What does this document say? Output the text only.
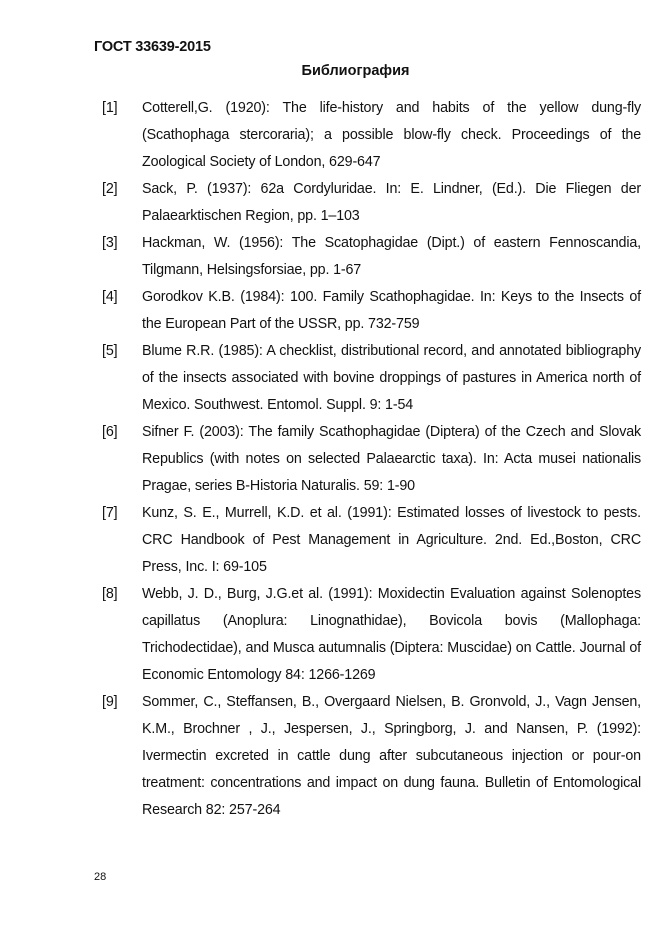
ГОСТ 33639-2015
Библиография
[1]	Cotterell,G. (1920): The life-history and habits of the yellow dung-fly (Scathophaga stercoraria); a possible blow-fly check. Proceedings of the Zoological Society of London, 629-647
[2]	Sack, P. (1937): 62a Cordyluridae. In: E. Lindner, (Ed.). Die Fliegen der Palaearktischen Region, pp. 1–103
[3]	Hackman, W. (1956): The Scatophagidae (Dipt.) of eastern Fennoscandia, Tilgmann, Helsingsforsiae, pp. 1-67
[4]	Gorodkov K.B. (1984): 100. Family Scathophagidae. In: Keys to the Insects of the European Part of the USSR, pp. 732-759
[5]	Blume R.R. (1985): A checklist, distributional record, and annotated bibliography of the insects associated with bovine droppings of pastures in America north of Mexico. Southwest. Entomol. Suppl. 9: 1-54
[6]	Sifner F. (2003): The family Scathophagidae (Diptera) of the Czech and Slovak Republics (with notes on selected Palaearctic taxa). In: Acta musei nationalis Pragae, series B-Historia Naturalis. 59: 1-90
[7]	Kunz, S. E., Murrell, K.D. et al. (1991): Estimated losses of livestock to pests. CRC Handbook of Pest Management in Agriculture. 2nd. Ed.,Boston, CRC Press, Inc. I: 69-105
[8]	Webb, J. D., Burg, J.G.et al. (1991): Moxidectin Evaluation against Solenoptes capillatus (Anoplura: Linognathidae), Bovicola bovis (Mallophaga: Trichodectidae), and Musca autumnalis (Diptera: Muscidae) on Cattle. Journal of Economic Entomology 84: 1266-1269
[9]	Sommer, C., Steffansen, B., Overgaard Nielsen, B. Gronvold, J., Vagn Jensen, K.M., Brochner , J., Jespersen, J., Springborg, J. and Nansen, P. (1992): Ivermectin excreted in cattle dung after subcutaneous injection or pour-on treatment: concentrations and impact on dung fauna. Bulletin of Entomological Research 82: 257-264
28
